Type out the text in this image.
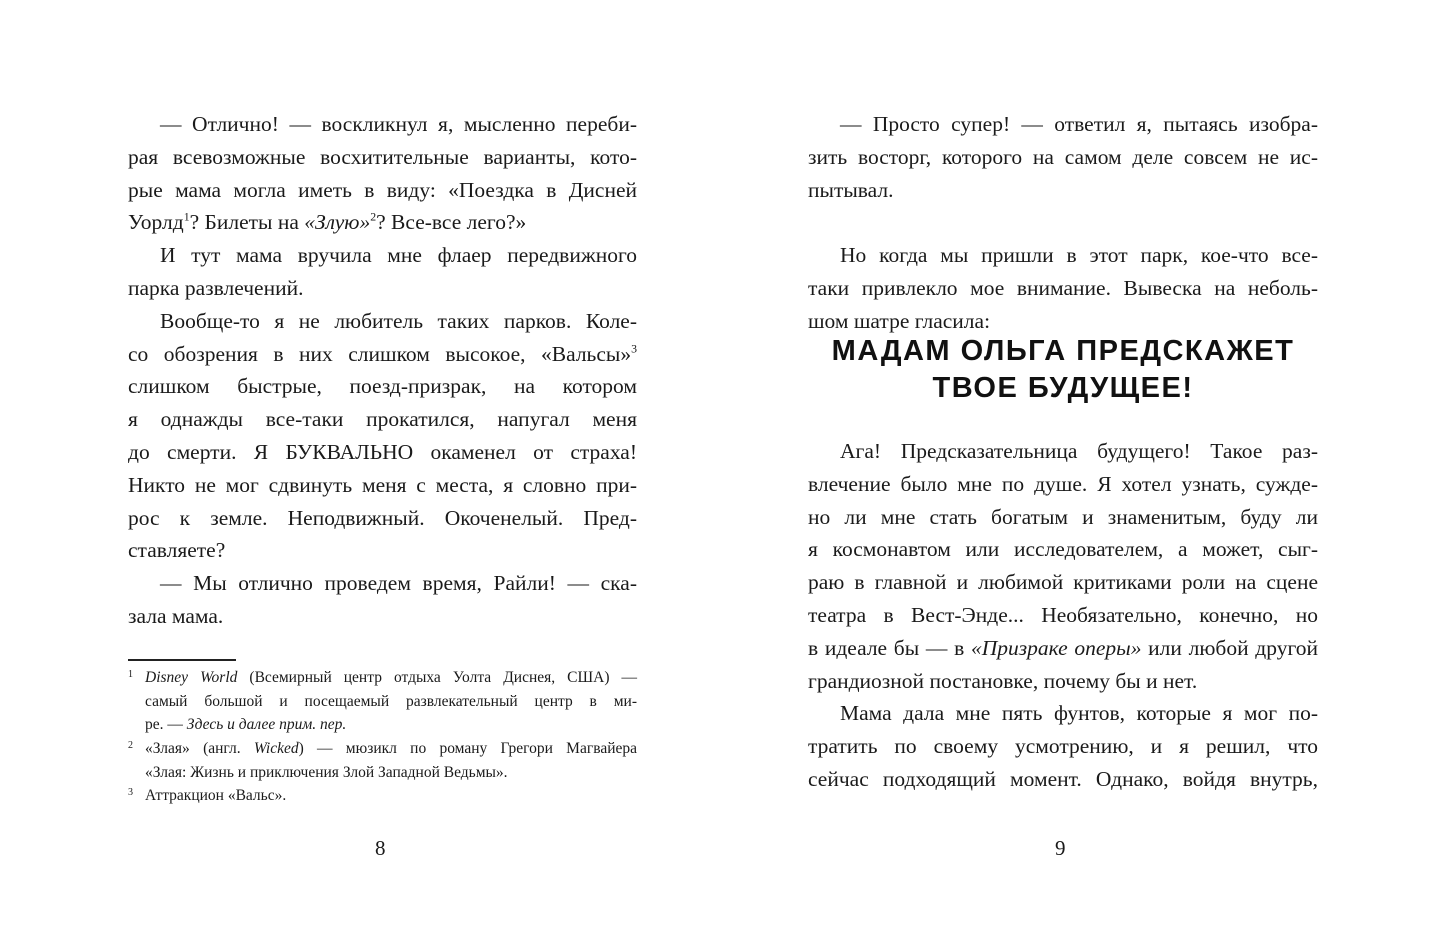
— Отлично! — воскликнул я, мысленно переби-
рая всевозможные восхитительные варианты, кото-
рые мама могла иметь в виду: «Поездка в Дисней
Уорлд$^1$? Билеты на «Злую»$^2$? Все-все лего?»
И тут мама вручила мне флаер передвижного
парка развлечений.
Вообще-то я не любитель таких парков. Коле-
со обозрения в них слишком высокое, «Вальсы»$^3$
слишком быстрые, поезд-призрак, на котором
я однажды все-таки прокатился, напугал меня
до смерти. Я БУКВАЛЬНО окаменел от страха!
Никто не мог сдвинуть меня с места, я словно при-
рос к земле. Неподвижный. Окоченелый. Пред-
ставляете?
— Мы отлично проведем время, Райли! — ска-
зала мама.
1 Disney World (Всемирный центр отдыха Уолта Диснея, США) —
самый большой и посещаемый развлекательный центр в ми-
ре. — Здесь и далее прим. пер.
2 «Злая» (англ. Wicked) — мюзикл по роману Грегори Магвайера
«Злая: Жизнь и приключения Злой Западной Ведьмы».
3 Аттракцион «Вальс».
8
— Просто супер! — ответил я, пытаясь изобра-
зить восторг, которого на самом деле совсем не ис-
пытывал.
Но когда мы пришли в этот парк, кое-что все-
таки привлекло мое внимание. Вывеска на неболь-
шом шатре гласила:
МАДАМ ОЛЬГА ПРЕДСКАЖЕТ
ТВОЕ БУДУЩЕЕ!
Ага! Предсказательница будущего! Такое раз-
влечение было мне по душе. Я хотел узнать, сужде-
но ли мне стать богатым и знаменитым, буду ли
я космонавтом или исследователем, а может, сыг-
раю в главной и любимой критиками роли на сцене
театра в Вест-Энде... Необязательно, конечно, но
в идеале бы — в «Призраке оперы» или любой другой
грандиозной постановке, почему бы и нет.
Мама дала мне пять фунтов, которые я мог по-
тратить по своему усмотрению, и я решил, что
сейчас подходящий момент. Однако, войдя внутрь,
9
